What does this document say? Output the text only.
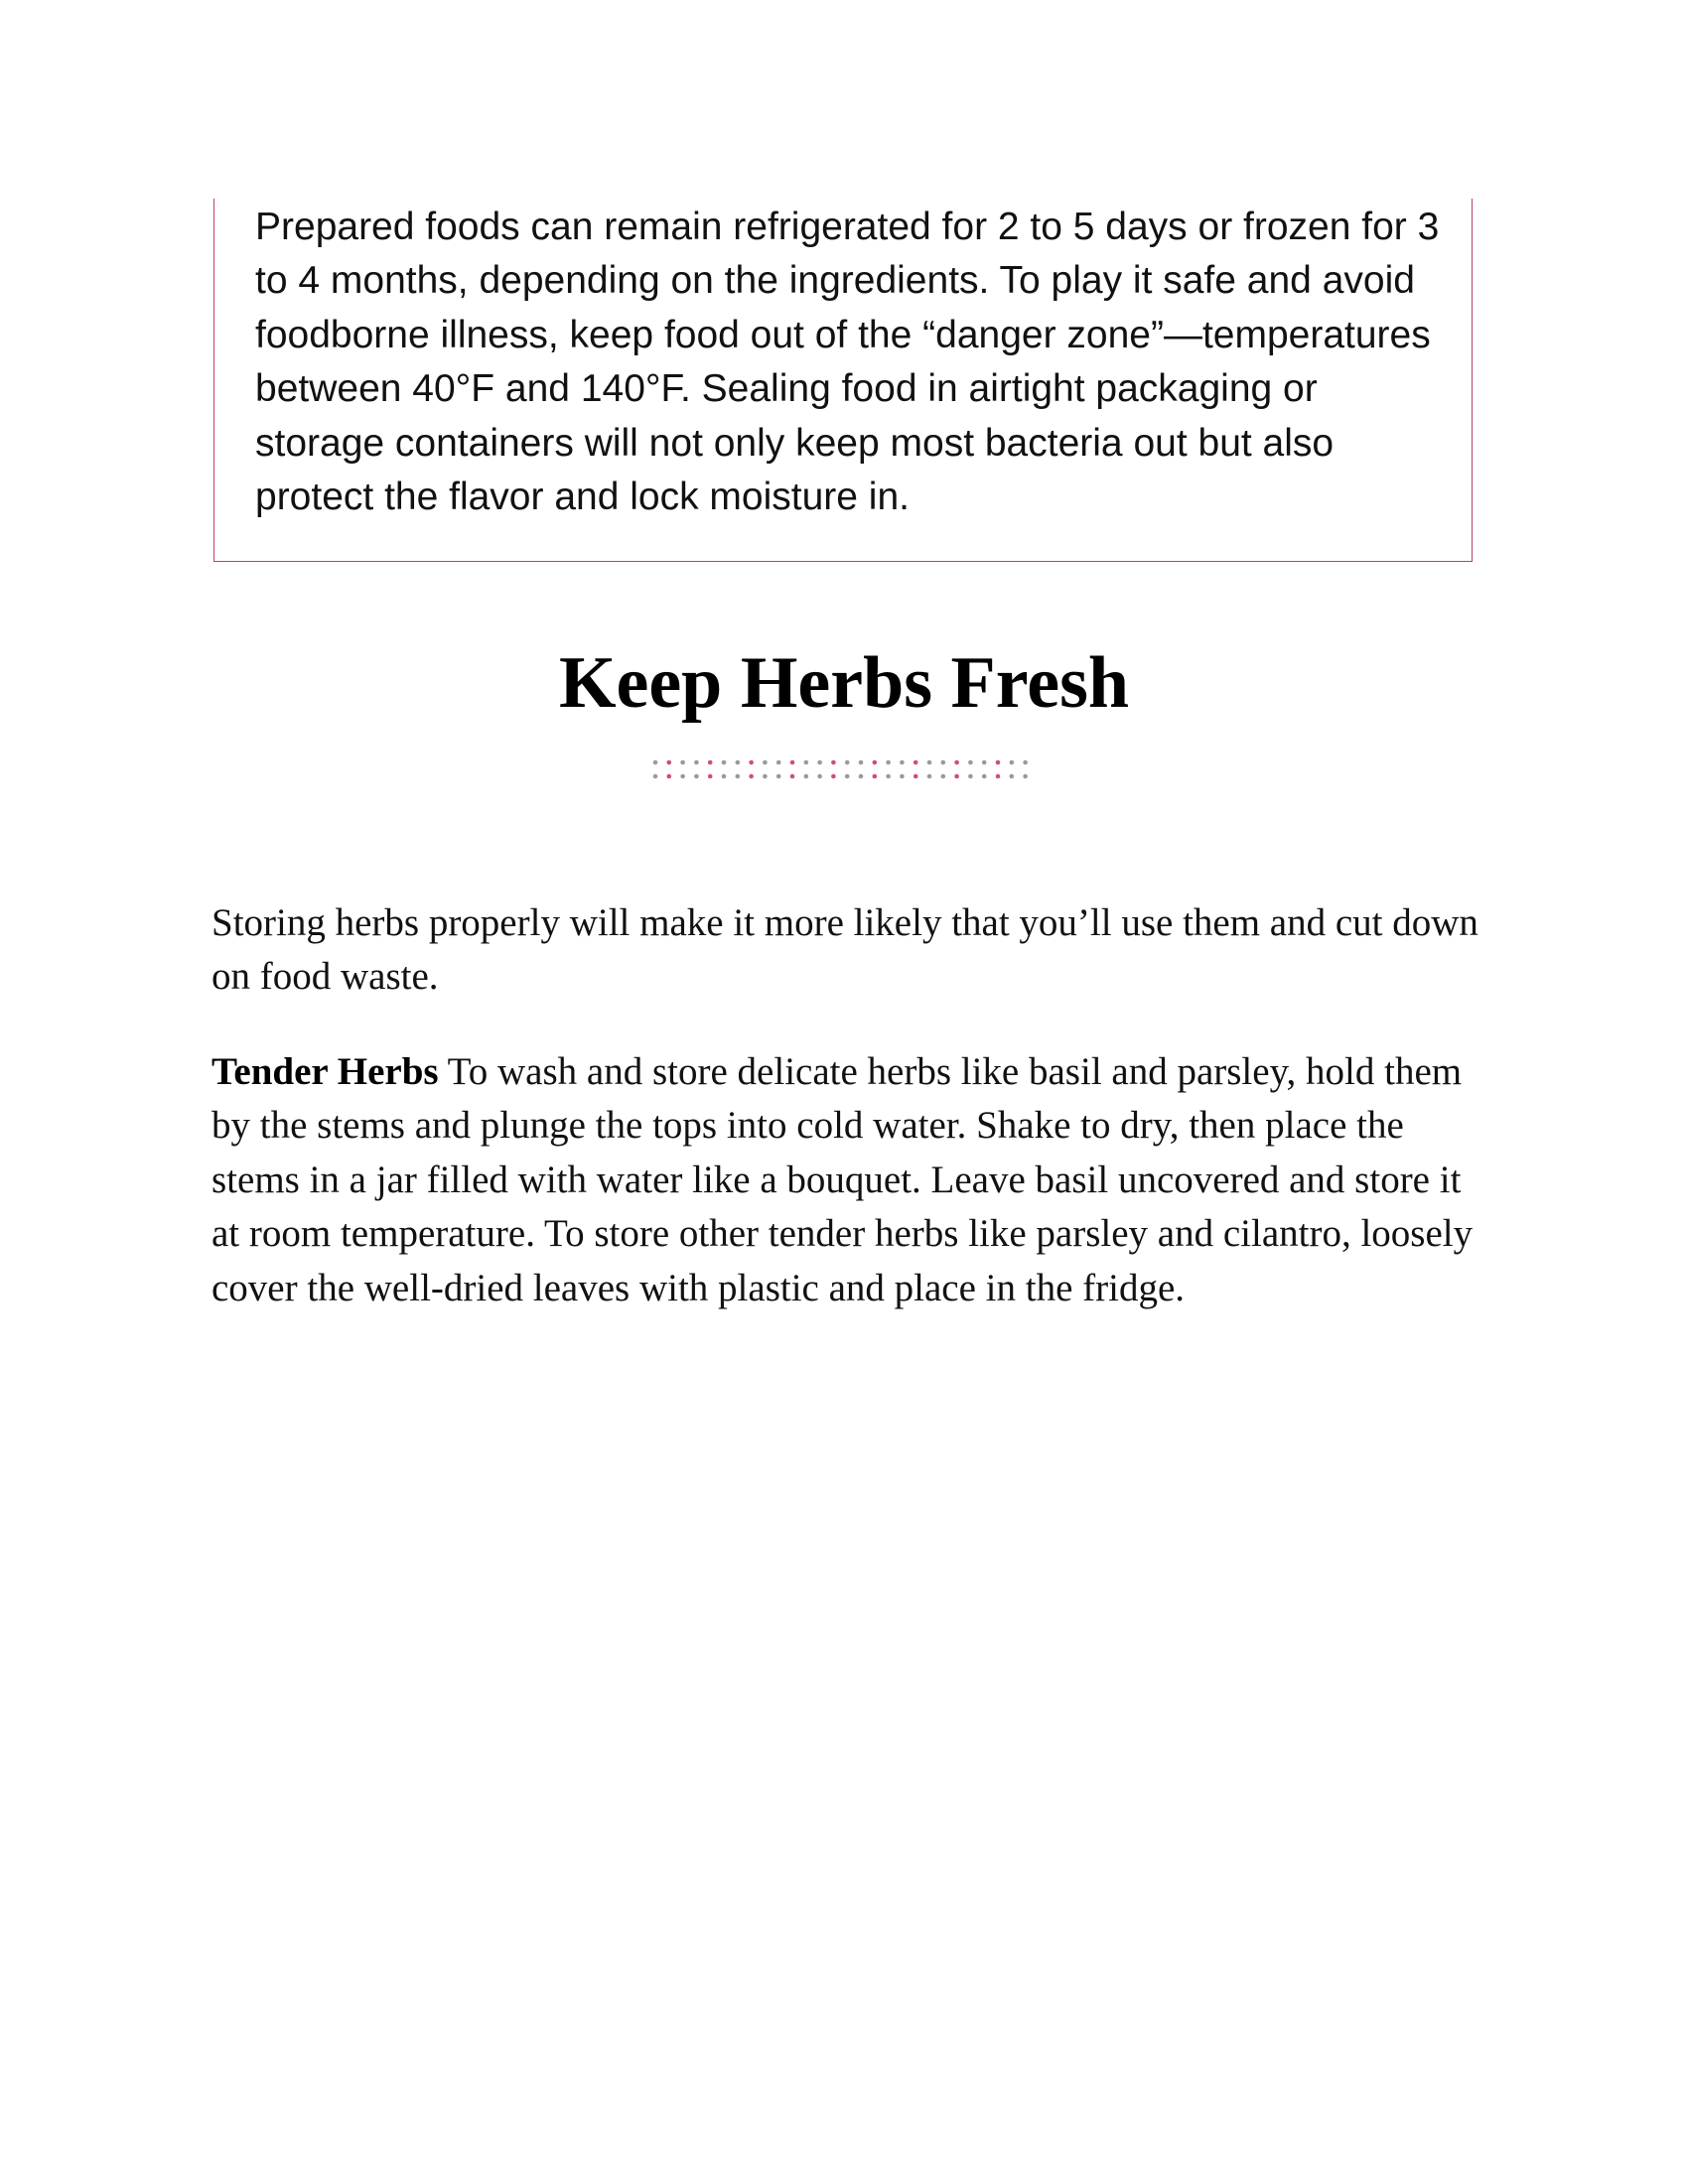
Prepared foods can remain refrigerated for 2 to 5 days or frozen for 3 to 4 months, depending on the ingredients. To play it safe and avoid foodborne illness, keep food out of the “danger zone”—temperatures between 40°F and 140°F. Sealing food in airtight packaging or storage containers will not only keep most bacteria out but also protect the flavor and lock moisture in.

Keep Herbs Fresh

Storing herbs properly will make it more likely that you’ll use them and cut down on food waste.

Tender Herbs To wash and store delicate herbs like basil and parsley, hold them by the stems and plunge the tops into cold water. Shake to dry, then place the stems in a jar filled with water like a bouquet. Leave basil uncovered and store it at room temperature. To store other tender herbs like parsley and cilantro, loosely cover the well-dried leaves with plastic and place in the fridge.
